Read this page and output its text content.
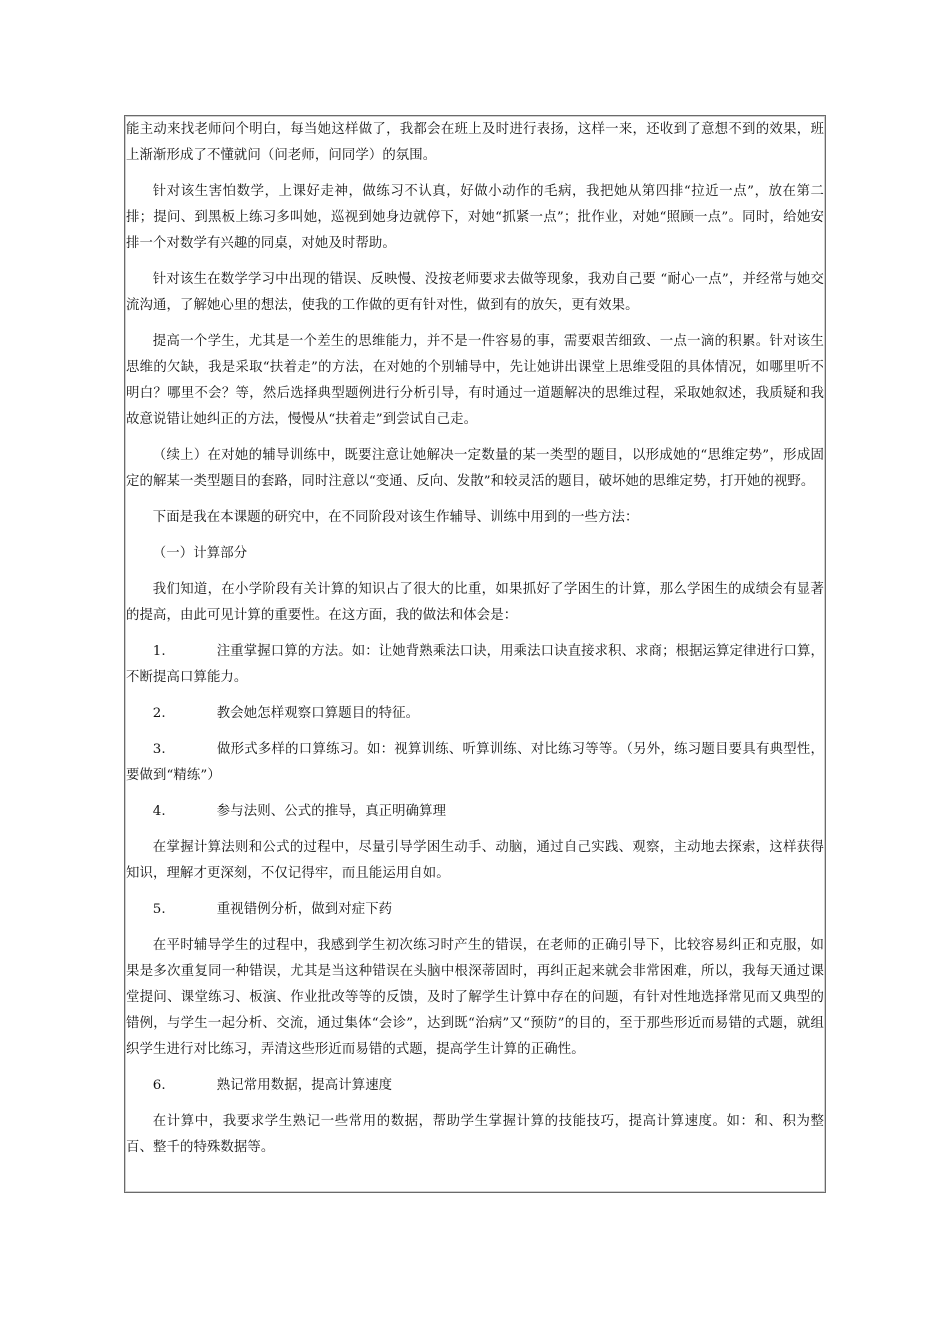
能主动来找老师问个明白，每当她这样做了，我都会在班上及时进行表扬，这样一来，还收到了意想不到的效果，班上渐渐形成了不懂就问（问老师，问同学）的氛围。

针对该生害怕数学，上课好走神，做练习不认真，好做小动作的毛病，我把她从第四排“拉近一点”，放在第二排；提问、到黑板上练习多叫她，巡视到她身边就停下，对她“抓紧一点”；批作业，对她“照顾一点”。同时，给她安排一个对数学有兴趣的同桌，对她及时帮助。

针对该生在数学学习中出现的错误、反映慢、没按老师要求去做等现象，我劝自己要 “耐心一点”，并经常与她交流沟通，了解她心里的想法，使我的工作做的更有针对性，做到有的放矢，更有效果。

提高一个学生，尤其是一个差生的思维能力，并不是一件容易的事，需要艰苦细致、一点一滴的积累。针对该生思维的欠缺，我是采取“扶着走”的方法，在对她的个别辅导中，先让她讲出课堂上思维受阻的具体情况，如哪里听不明白？哪里不会？等，然后选择典型题例进行分析引导，有时通过一道题解决的思维过程，采取她叙述，我质疑和我故意说错让她纠正的方法，慢慢从“扶着走”到尝试自己走。

（续上）在对她的辅导训练中，既要注意让她解决一定数量的某一类型的题目，以形成她的“思维定势”，形成固定的解某一类型题目的套路，同时注意以“变通、反向、发散”和较灵活的题目，破坏她的思维定势，打开她的视野。

下面是我在本课题的研究中，在不同阶段对该生作辅导、训练中用到的一些方法：

（一）计算部分

我们知道，在小学阶段有关计算的知识占了很大的比重，如果抓好了学困生的计算，那么学困生的成绩会有显著的提高，由此可见计算的重要性。在这方面，我的做法和体会是：

1.	注重掌握口算的方法。如：让她背熟乘法口诀，用乘法口诀直接求积、求商；根据运算定律进行口算，不断提高口算能力。

2.	教会她怎样观察口算题目的特征。

3.	做形式多样的口算练习。如：视算训练、听算训练、对比练习等等。（另外，练习题目要具有典型性，要做到“精练”）

4.	参与法则、公式的推导，真正明确算理

在掌握计算法则和公式的过程中，尽量引导学困生动手、动脑，通过自己实践、观察，主动地去探索，这样获得知识，理解才更深刻，不仅记得牢，而且能运用自如。

5.	重视错例分析，做到对症下药

在平时辅导学生的过程中，我感到学生初次练习时产生的错误，在老师的正确引导下，比较容易纠正和克服，如果是多次重复同一种错误，尤其是当这种错误在头脑中根深蒂固时，再纠正起来就会非常困难，所以，我每天通过课堂提问、课堂练习、板演、作业批改等等的反馈，及时了解学生计算中存在的问题，有针对性地选择常见而又典型的错例，与学生一起分析、交流，通过集体“会诊”，达到既“治病”又“预防”的目的，至于那些形近而易错的式题，就组织学生进行对比练习，弄清这些形近而易错的式题，提高学生计算的正确性。

6.	熟记常用数据，提高计算速度

在计算中，我要求学生熟记一些常用的数据，帮助学生掌握计算的技能技巧，提高计算速度。如：和、积为整百、整千的特殊数据等。
